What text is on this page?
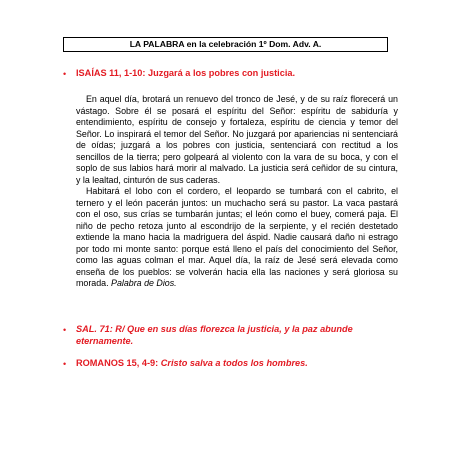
LA PALABRA en la celebración 1º Dom. Adv. A.
• ISAÍAS 11, 1-10: Juzgará a los pobres con justicia.

En aquel día, brotará un renuevo del tronco de Jesé, y de su raíz florecerá un vástago. Sobre él se posará el espíritu del Señor: espíritu de sabiduría y entendimiento, espíritu de consejo y fortaleza, espíritu de ciencia y temor del Señor. Lo inspirará el temor del Señor. No juzgará por apariencias ni sentenciará de oídas; juzgará a los pobres con justicia, sentenciará con rectitud a los sencillos de la tierra; pero golpeará al violento con la vara de su boca, y con el soplo de sus labios hará morir al malvado. La justicia será ceñidor de su cintura, y la lealtad, cinturón de sus caderas.

Habitará el lobo con el cordero, el leopardo se tumbará con el cabrito, el ternero y el león pacerán juntos: un muchacho será su pastor. La vaca pastará con el oso, sus crías se tumbarán juntas; el león como el buey, comerá paja. El niño de pecho retoza junto al escondrijo de la serpiente, y el recién destetado extiende la mano hacia la madriguera del áspid. Nadie causará daño ni estrago por todo mi monte santo: porque está lleno el país del conocimiento del Señor, como las aguas colman el mar. Aquel día, la raíz de Jesé será elevada como enseña de los pueblos: se volverán hacia ella las naciones y será gloriosa su morada. Palabra de Dios.

• SAL. 71: R/ Que en sus días florezca la justicia, y la paz abunde eternamente.
• ROMANOS 15, 4-9: Cristo salva a todos los hombres.
